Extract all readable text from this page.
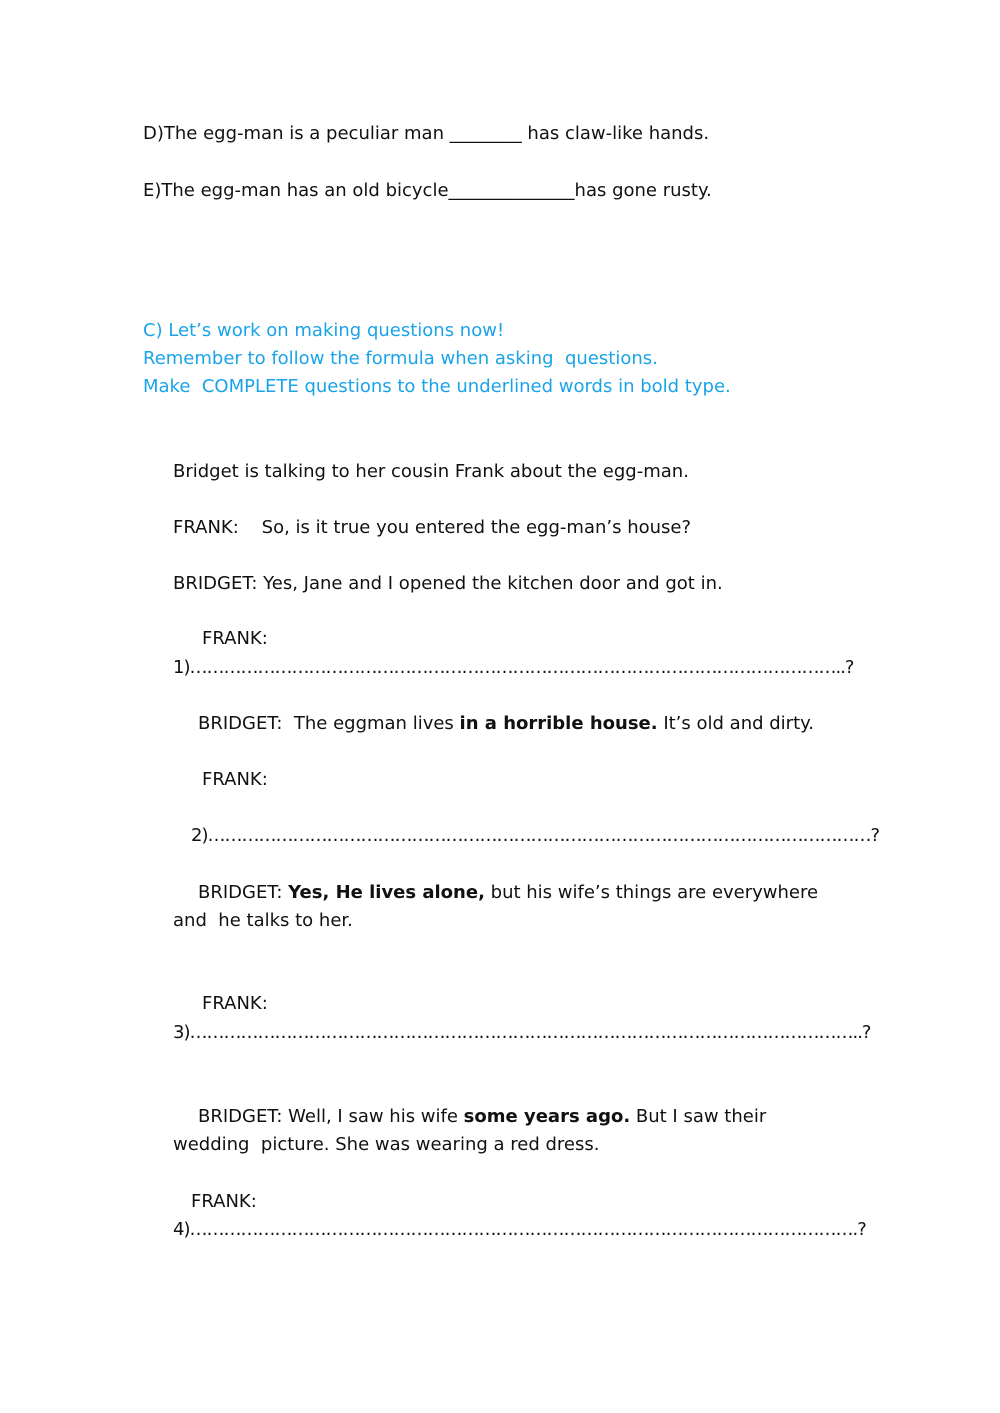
D)The egg-man is a peculiar man ________ has claw-like hands.
E)The egg-man has an old bicycle______________has gone rusty.
C) Let’s work on making questions now!
Remember to follow the formula when asking  questions.
Make  COMPLETE questions to the underlined words in bold type.
Bridget is talking to her cousin Frank about the egg-man.
FRANK:    So, is it true you entered the egg-man’s house?
BRIDGET: Yes, Jane and I opened the kitchen door and got in.
FRANK:
1)……………………………………………………………………………………………………..?
BRIDGET:  The eggman lives in a horrible house. It’s old and dirty.
FRANK:
2)………………………………………………………………………………………………………?
BRIDGET: Yes, He lives alone, but his wife’s things are everywhere
and  he talks to her.
FRANK:
3)………………………………………………………………………………………………………..?
BRIDGET: Well, I saw his wife some years ago. But I saw their
wedding  picture. She was wearing a red dress.
FRANK:
4)……………………………………………………………………………………………………….?
